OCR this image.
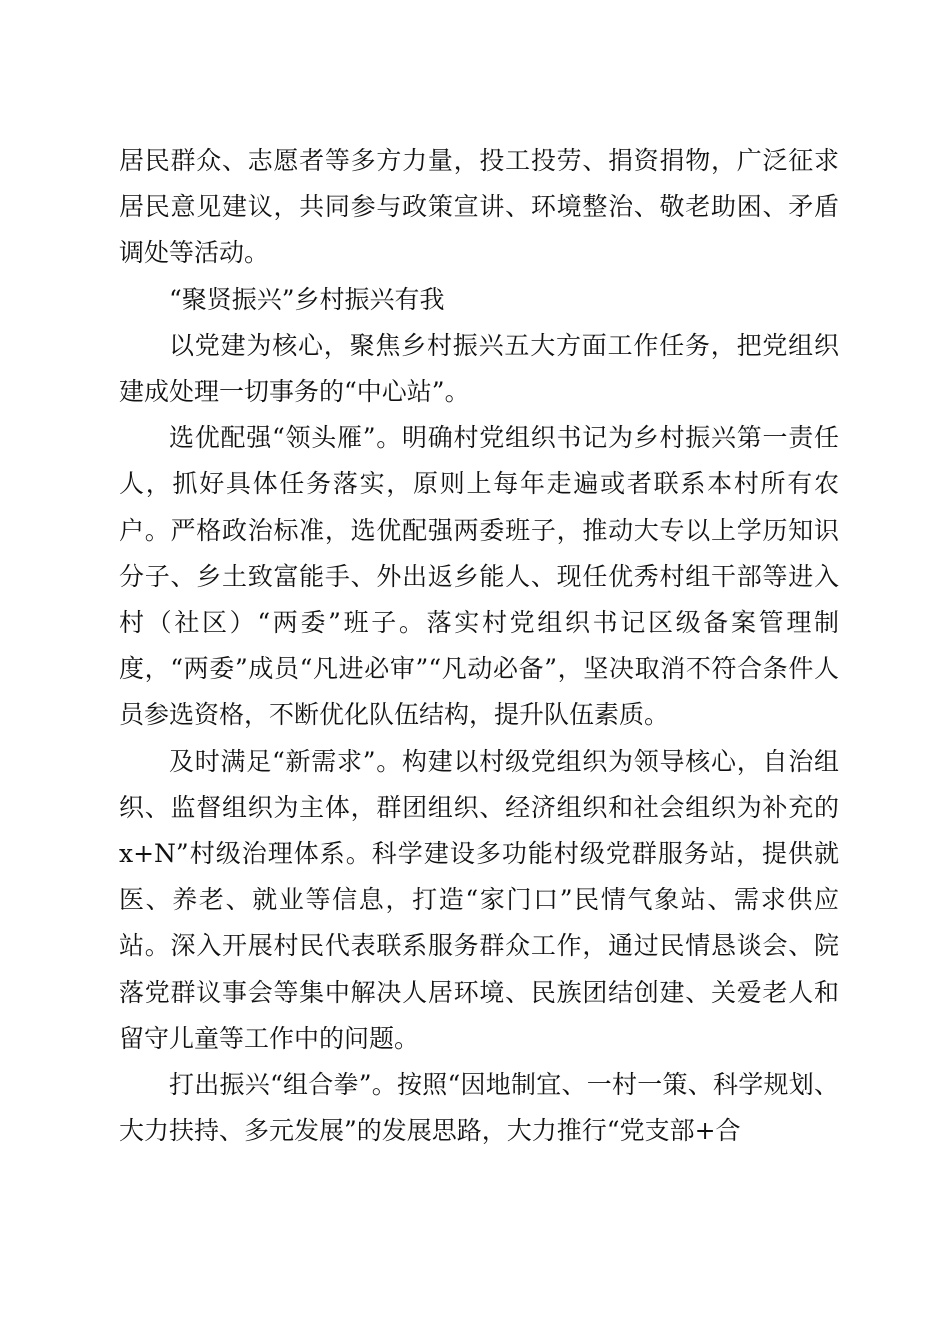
居民群众、志愿者等多方力量，投工投劳、捐资捐物，广泛征求居民意见建议，共同参与政策宣讲、环境整治、敬老助困、矛盾调处等活动。

“聚贤振兴”乡村振兴有我

以党建为核心，聚焦乡村振兴五大方面工作任务，把党组织建成处理一切事务的“中心站”。

选优配强“领头雁”。明确村党组织书记为乡村振兴第一责任人，抓好具体任务落实，原则上每年走遍或者联系本村所有农户。严格政治标准，选优配强两委班子，推动大专以上学历知识分子、乡土致富能手、外出返乡能人、现任优秀村组干部等进入村（社区）“两委”班子。落实村党组织书记区级备案管理制度，“两委”成员“凡进必审”“凡动必备”，坚决取消不符合条件人员参选资格，不断优化队伍结构，提升队伍素质。

及时满足“新需求”。构建以村级党组织为领导核心，自治组织、监督组织为主体，群团组织、经济组织和社会组织为补充的x+N”村级治理体系。科学建设多功能村级党群服务站，提供就医、养老、就业等信息，打造“家门口”民情气象站、需求供应站。深入开展村民代表联系服务群众工作，通过民情恳谈会、院落党群议事会等集中解决人居环境、民族团结创建、关爱老人和留守儿童等工作中的问题。

打出振兴“组合拳”。按照“因地制宜、一村一策、科学规划、大力扶持、多元发展”的发展思路，大力推行“党支部+合
